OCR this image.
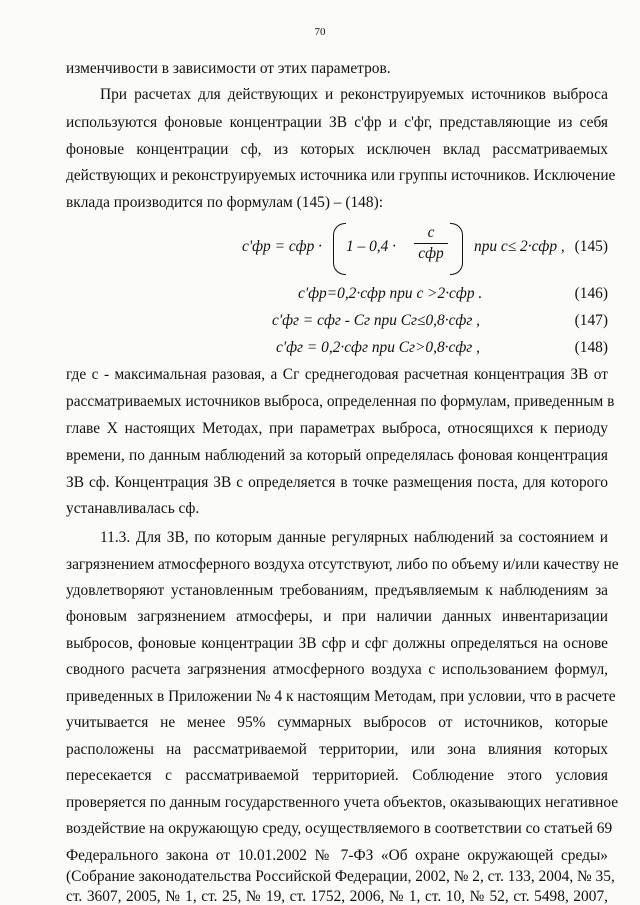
70
изменчивости в зависимости от этих параметров.
При расчетах для действующих и реконструируемых источников выброса
используются фоновые концентрации ЗВ с'фр и с'фг, представляющие из себя
фоновые концентрации сф, из которых исключен вклад рассматриваемых
действующих и реконструируемых источника или группы источников. Исключение
вклада производится по формулам (145) – (148):
c'фр = cфр · 1 – 0,4 ·
c
cфр при c≤ 2·cфр , (145)
c'фр=0,2·cфр при c >2·cфр .	(146)
c'фг = cфг - Cг при Cг≤0,8·cфг ,	(147)
c'фг = 0,2·cфг при Cг>0,8·cфг ,	(148)
где c - максимальная разовая, а Cг среднегодовая расчетная концентрация ЗВ от
рассматриваемых источников выброса, определенная по формулам, приведенным в
главе X настоящих Методах, при параметрах выброса, относящихся к периоду
времени, по данным наблюдений за который определялась фоновая концентрация
ЗВ cф. Концентрация ЗВ c определяется в точке размещения поста, для которого
устанавливалась cф.
11.3. Для ЗВ, по которым данные регулярных наблюдений за состоянием и
загрязнением атмосферного воздуха отсутствуют, либо по объему и/или качеству не
удовлетворяют установленным требованиям, предъявляемым к наблюдениям за
фоновым загрязнением атмосферы, и при наличии данных инвентаризации
выбросов, фоновые концентрации ЗВ cфр и cфг должны определяться на основе
сводного расчета загрязнения атмосферного воздуха с использованием формул,
приведенных в Приложении № 4 к настоящим Методам, при условии, что в расчете
учитывается не менее 95% суммарных выбросов от источников, которые
расположены на рассматриваемой территории, или зона влияния которых
пересекается с рассматриваемой территорией. Соблюдение этого условия
проверяется по данным государственного учета объектов, оказывающих негативное
воздействие на окружающую среду, осуществляемого в соответствии со статьей 69
Федерального закона от 10.01.2002 № 7-ФЗ «Об охране окружающей среды»
(Собрание законодательства Российской Федерации, 2002, № 2, ст. 133, 2004, № 35,
ст. 3607, 2005, № 1, ст. 25, № 19, ст. 1752, 2006, № 1, ст. 10, № 52, ст. 5498, 2007,
